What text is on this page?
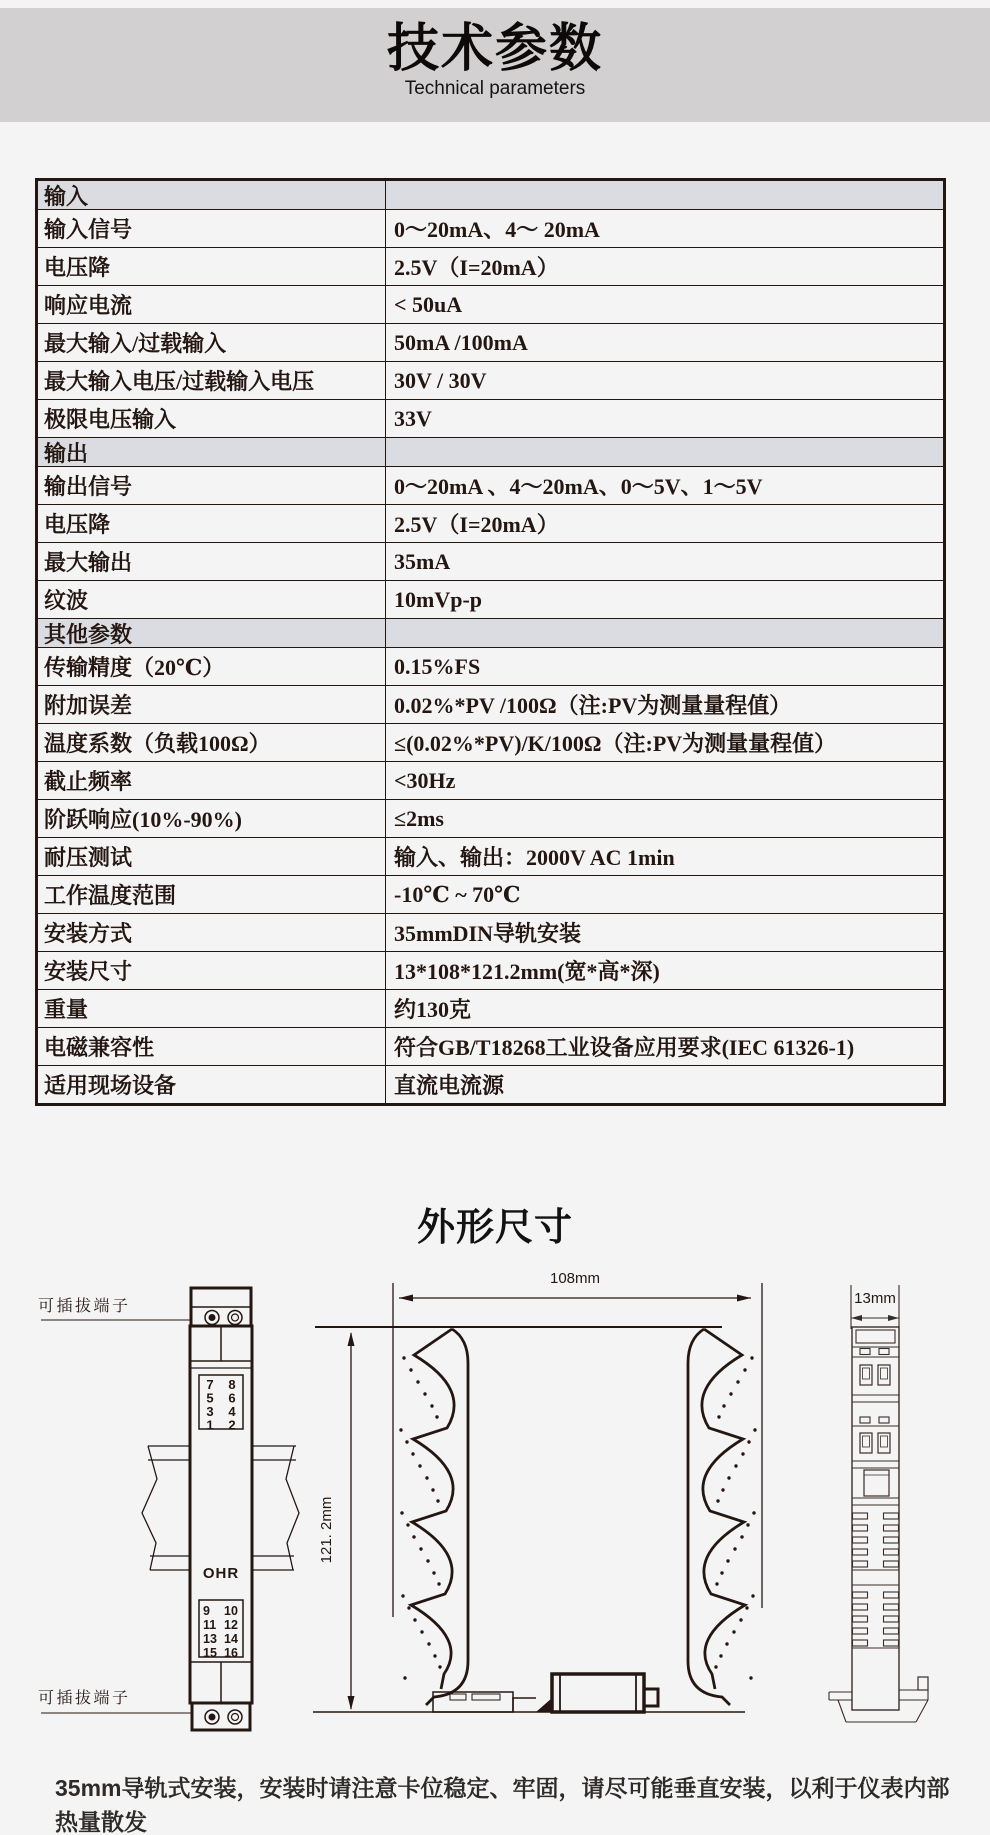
技术参数
Technical parameters
输入
输入信号	0～20mA、4～ 20mA
电压降	2.5V（I=20mA）
响应电流	< 50uA
最大输入/过载输入	50mA /100mA
最大输入电压/过载输入电压	30V / 30V
极限电压输入	33V
输出
输出信号	0～20mA 、4～20mA、0～5V、1～5V
电压降	2.5V（I=20mA）
最大输出	35mA
纹波	10mVp-p
其他参数
传输精度（20℃）	0.15%FS
附加误差	0.02%*PV /100Ω（注:PV为测量量程值）
温度系数（负载100Ω）	≤(0.02%*PV)/K/100Ω（注:PV为测量量程值）
截止频率	<30Hz
阶跃响应(10%-90%)	≤2ms
耐压测试	输入、输出：2000V AC 1min
工作温度范围	-10℃ ~ 70℃
安装方式	35mmDIN导轨安装
安装尺寸	13*108*121.2mm(宽*高*深)
重量	约130克
电磁兼容性	符合GB/T18268工业设备应用要求(IEC 61326-1)
适用现场设备	直流电流源
外形尺寸
7 8
5 6
3 4
1 2
OHR
9 10
11 12
13 14
15 16
可插拔端子
可插拔端子
108mm
121. 2mm
13mm
35mm导轨式安装，安装时请注意卡位稳定、牢固，请尽可能垂直安装，以利于仪表内部热量散发
